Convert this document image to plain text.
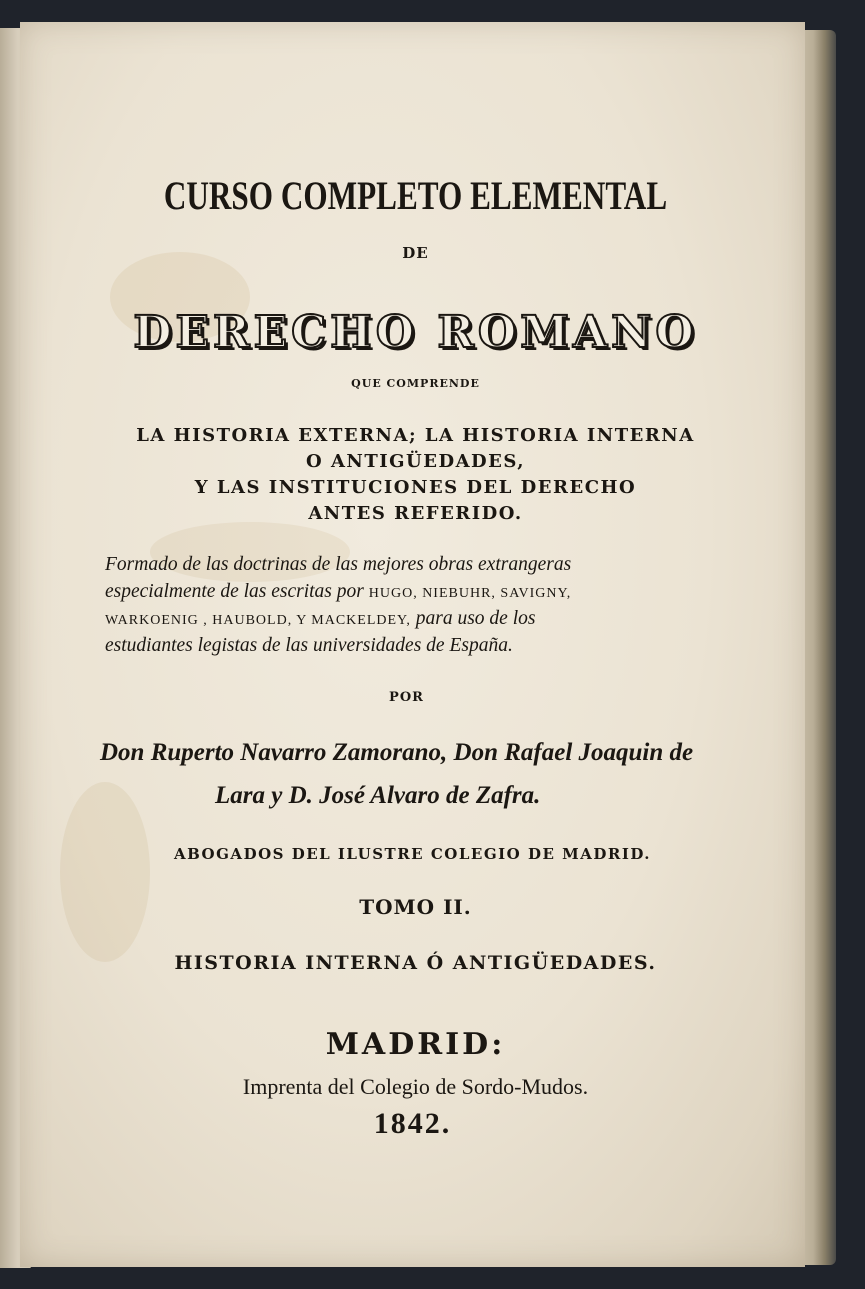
CURSO COMPLETO ELEMENTAL
DE
DERECHO ROMANO
QUE COMPRENDE
LA HISTORIA EXTERNA; LA HISTORIA INTERNA
O ANTIGÜEDADES,
Y LAS INSTITUCIONES DEL DERECHO
ANTES REFERIDO.
Formado de las doctrinas de las mejores obras extrangeras
especialmente de las escritas por HUGO, NIEBUHR, SAVIGNY,
WARKOENIG , HAUBOLD, Y MACKELDEY, para uso de los
estudiantes legistas de las universidades de España.
POR
Don Ruperto Navarro Zamorano, Don Rafael Joaquin de
Lara y D. José Alvaro de Zafra.
ABOGADOS DEL ILUSTRE COLEGIO DE MADRID.
TOMO II.
HISTORIA INTERNA Ó ANTIGÜEDADES.
MADRID:
Imprenta del Colegio de Sordo-Mudos.
1842.
